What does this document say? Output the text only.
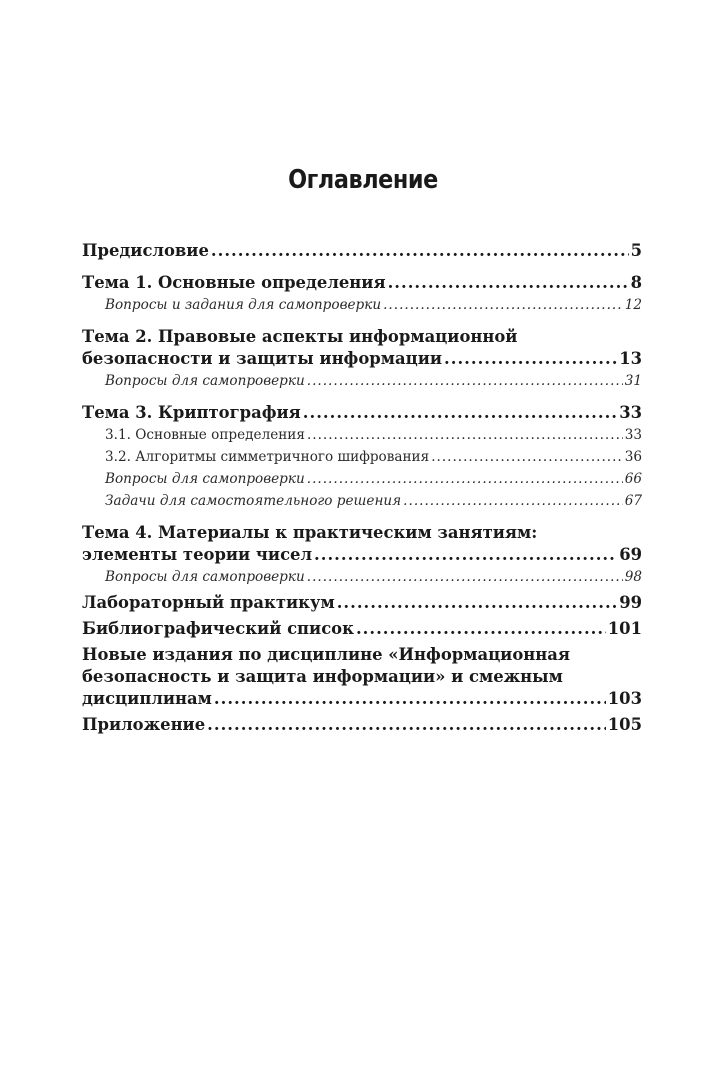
Оглавление
Предисловие .....	5
Тема 1. Основные определения .....	8
Вопросы и задания для самопроверки .....	12
Тема 2. Правовые аспекты информационной
безопасности и защиты информации .....	13
Вопросы для самопроверки .....	31
Тема 3. Криптография .....	33
3.1. Основные определения .....	33
3.2. Алгоритмы симметричного шифрования .....	36
Вопросы для самопроверки .....	66
Задачи для самостоятельного решения .....	67
Тема 4. Материалы к практическим занятиям:
элементы теории чисел .....	69
Вопросы для самопроверки .....	98
Лабораторный практикум .....	99
Библиографический список .....	101
Новые издания по дисциплине «Информационная
безопасность и защита информации» и смежным
дисциплинам .....	103
Приложение .....	105
